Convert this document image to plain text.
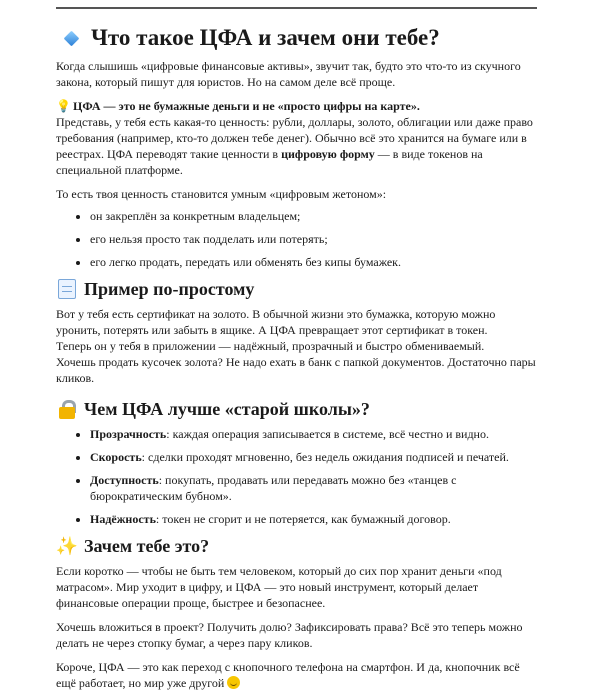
Что такое ЦФА и зачем они тебе?

Когда слышишь «цифровые финансовые активы», звучит так, будто это что-то из скучного закона, который пишут для юристов. Но на самом деле всё проще.

💡 ЦФА — это не бумажные деньги и не «просто цифры на карте».
Представь, у тебя есть какая-то ценность: рубли, доллары, золото, облигации или даже право требования (например, кто-то должен тебе денег). Обычно всё это хранится на бумаге или в реестрах. ЦФА переводят такие ценности в цифровую форму — в виде токенов на специальной платформе.

То есть твоя ценность становится умным «цифровым жетоном»:

• он закреплён за конкретным владельцем;
• его нельзя просто так подделать или потерять;
• его легко продать, передать или обменять без кипы бумажек.
Пример по-простому

Вот у тебя есть сертификат на золото. В обычной жизни это бумажка, которую можно уронить, потерять или забыть в ящике. А ЦФА превращает этот сертификат в токен.
Теперь он у тебя в приложении — надёжный, прозрачный и быстро обмениваемый.
Хочешь продать кусочек золота? Не надо ехать в банк с папкой документов. Достаточно пары кликов.

Чем ЦФА лучше «старой школы»?
• Прозрачность: каждая операция записывается в системе, всё честно и видно.
• Скорость: сделки проходят мгновенно, без недель ожидания подписей и печатей.
• Доступность: покупать, продавать или передавать можно без «танцев с бюрократическим бубном».
• Надёжность: токен не сгорит и не потеряется, как бумажный договор.
✨ Зачем тебе это?

Если коротко — чтобы не быть тем человеком, который до сих пор хранит деньги «под матрасом». Мир уходит в цифру, и ЦФА — это новый инструмент, который делает финансовые операции проще, быстрее и безопаснее.

Хочешь вложиться в проект? Получить долю? Зафиксировать права? Всё это теперь можно делать не через стопку бумаг, а через пару кликов.

Короче, ЦФА — это как переход с кнопочного телефона на смартфон. И да, кнопочник всё ещё работает, но мир уже другой
